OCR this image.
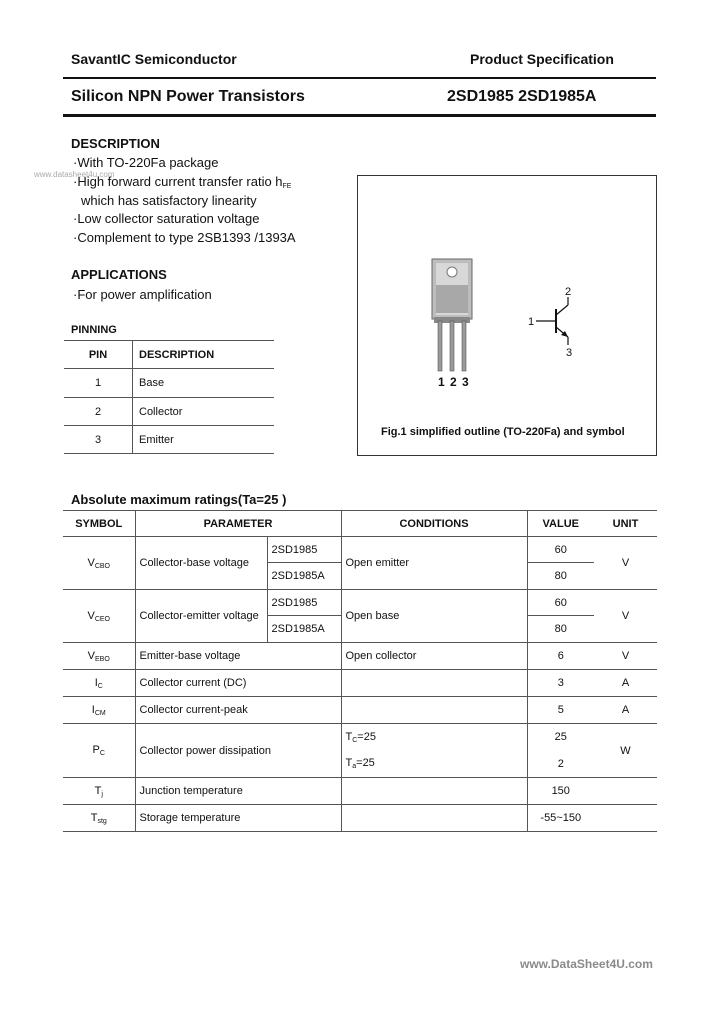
SavantIC Semiconductor	Product Specification
Silicon NPN Power Transistors	2SD1985 2SD1985A
DESCRIPTION
www.datasheet4u.com
·With TO-220Fa package
·High forward current transfer ratio $h_{FE}$
which has satisfactory linearity
·Low collector saturation voltage
·Complement to type 2SB1393 /1393A
APPLICATIONS
·For power amplification
PINNING
PIN	DESCRIPTION
1	Base
2	Collector
3	Emitter
1 2 3
2
1
3
Fig.1 simplified outline (TO-220Fa) and symbol
Absolute maximum ratings(Ta=25 )
SYMBOL	PARAMETER		CONDITIONS	VALUE	UNIT
$V_{CBO}$	Collector-base voltage	2SD1985	Open emitter	60	V
		2SD1985A		80	
$V_{CEO}$	Collector-emitter voltage	2SD1985	Open base	60	V
		2SD1985A		80	
$V_{EBO}$	Emitter-base voltage		Open collector	6	V
$I_C$	Collector current (DC)			3	A
$I_{CM}$	Collector current-peak			5	A
$P_C$	Collector power dissipation		$T_C=25$	25	W
			$T_a=25$	2	
$T_j$	Junction temperature			150	
$T_{stg}$	Storage temperature			-55~150	
www.DataSheet4U.com
